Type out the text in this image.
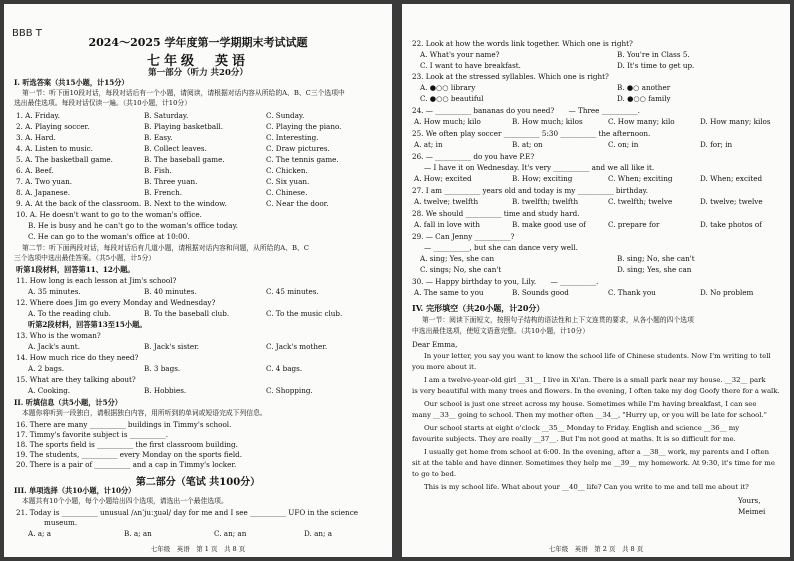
BBB T
2024～2025 学年度第一学期期末考试试题
七年级　英语
第一部分（听力 共20分）
I. 听选答案（共15小题，计15分）
第一节：听下面10段对话，每段对话后有一个小题，请阅读，请根据对话内容从所给的A、B、C三个选项中
选出最佳选项。每段对话仅读一遍。（共10小题，计10分）
1. A. Friday.	B. Saturday.	C. Sunday.
2. A. Playing soccer.	B. Playing basketball.	C. Playing the piano.
3. A. Hard.	B. Easy.	C. Interesting.
4. A. Listen to music.	B. Collect leaves.	C. Draw pictures.
5. A. The basketball game.	B. The baseball game.	C. The tennis game.
6. A. Beef.	B. Fish.	C. Chicken.
7. A. Two yuan.	B. Three yuan.	C. Six yuan.
8. A. Japanese.	B. French.	C. Chinese.
9. A. At the back of the classroom. B. Next to the window.	C. Near the door.
10. A. He doesn't want to go to the woman's office.
B. He is busy and he can't go to the woman's office today.
C. He can go to the woman's office at 10:00.
第二节：听下面两段对话，每段对话后有几道小题，请根据对话内容和问题，从所给的A、B、C
三个选项中选出最佳答案。（共5小题，计5分）
听第1段材料，回答第11、12小题。
11. How long is each lesson at Jim's school?
A. 35 minutes.	B. 40 minutes.	C. 45 minutes.
12. Where does Jim go every Monday and Wednesday?
A. To the reading club.	B. To the baseball club.	C. To the music club.
听第2段材料，回答第13至15小题。
13. Who is the woman?
A. Jack's aunt.	B. Jack's sister.	C. Jack's mother.
14. How much rice do they need?
A. 2 bags.	B. 3 bags.	C. 4 bags.
15. What are they talking about?
A. Cooking.	B. Hobbies.	C. Shopping.
II. 听填信息（共5小题，计5分）
本题你将听到一段独白，请根据独白内容，用所听到的单词或短语完成下列信息。
16. There are many __________ buildings in Timmy's school.
17. Timmy's favorite subject is __________.
18. The sports field is __________ the first classroom building.
19. The students, __________ every Monday on the sports field.
20. There is a pair of __________ and a cap in Timmy's locker.
第二部分（笔试 共100分）
III. 单项选择（共10小题，计10分）
本题共有10个小题，每个小题给出四个选项，请选出一个最佳选项。
21. Today is __________ unusual /ʌnˈjuːʒuəl/ day for me and I see __________ UFO in the science
museum.
A. a; a	B. a; an	C. an; an	D. an; a
七年级　英语　第 1 页　共 8 页
22. Look at how the words link together. Which one is right?
A. What's your name?	B. You're in Class 5.
C. I want to have breakfast.	D. It's time to get up.
23. Look at the stressed syllables. Which one is right?
A. ●○○ library	B. ●○ another
C. ●○○ beautiful	D. ●○○ family
24. — __________ bananas do you need?　　— Three __________.
A. How much; kilo	B. How much; kilos	C. How many; kilo	D. How many; kilos
25. We often play soccer __________ 5:30 __________ the afternoon.
A. at; in	B. at; on	C. on; in	D. for; in
26. — __________ do you have P.E?
— I have it on Wednesday. It's very __________ and we all like it.
A. How; excited	B. How; exciting	C. When; exciting	D. When; excited
27. I am __________ years old and today is my __________ birthday.
A. twelve; twelfth	B. twelfth; twelfth	C. twelfth; twelve	D. twelve; twelve
28. We should __________ time and study hard.
A. fall in love with	B. make good use of	C. prepare for	D. take photos of
29. — Can Jenny __________?
— __________, but she can dance very well.
A. sing; Yes, she can	B. sing; No, she can't
C. sings; No, she can't	D. sing; Yes, she can
30. — Happy birthday to you, Lily.　　— __________.
A. The same to you	B. Sounds good	C. Thank you	D. No problem
IV. 完形填空（共20小题，计20分）
第一节：阅读下面短文，按照句子结构的语法性和上下文连贯的要求，从各小题的四个选项
中选出最佳选项，使短文语意完整。（共10小题，计10分）
Dear Emma,
In your letter, you say you want to know the school life of Chinese students. Now I'm writing to tell
you more about it.
I am a twelve-year-old girl __31__ I live in Xi'an. There is a small park near my house. __32__ park
is very beautiful with many trees and flowers. In the evening, I often take my dog Goofy there for a walk.
Our school is just one street across my house. Sometimes while I'm having breakfast, I can see
many __33__ going to school. Then my mother often __34__, "Hurry up, or you will be late for school."
Our school starts at eight o'clock __35__ Monday to Friday. English and science __36__ my
favourite subjects. They are really __37__. But I'm not good at maths. It is so difficult for me.
I usually get home from school at 6:00. In the evening, after a __38__ work, my parents and I often
sit at the table and have dinner. Sometimes they help me __39__ my homework. At 9:30, it's time for me
to go to bed.
This is my school life. What about your __40__ life? Can you write to me and tell me about it?
Yours,
Meimei
七年级　英语　第 2 页　共 8 页
